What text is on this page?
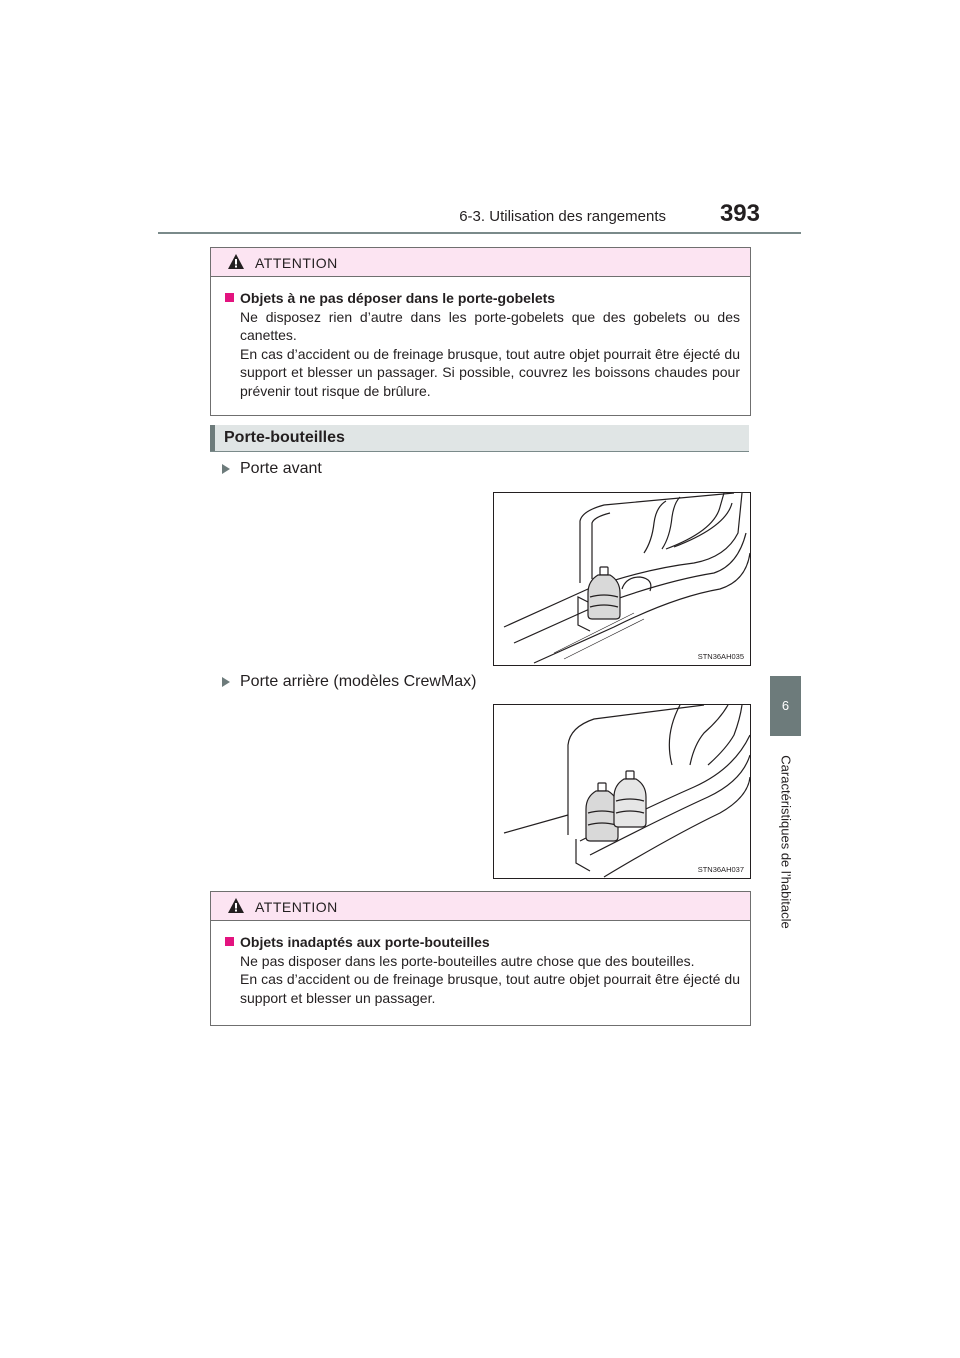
6-3. Utilisation des rangements 393
6
Caractéristiques de l’habitacle
ATTENTION
Objets à ne pas déposer dans le porte-gobelets
Ne disposez rien d’autre dans les porte-gobelets que des gobelets ou des canettes.
En cas d’accident ou de freinage brusque, tout autre objet pourrait être éjecté du support et blesser un passager. Si possible, couvrez les boissons chaudes pour prévenir tout risque de brûlure.
Porte-bouteilles
Porte avant
STN36AH035
Porte arrière (modèles CrewMax)
STN36AH037
ATTENTION
Objets inadaptés aux porte-bouteilles
Ne pas disposer dans les porte-bouteilles autre chose que des bouteilles.
En cas d’accident ou de freinage brusque, tout autre objet pourrait être éjecté du support et blesser un passager.
